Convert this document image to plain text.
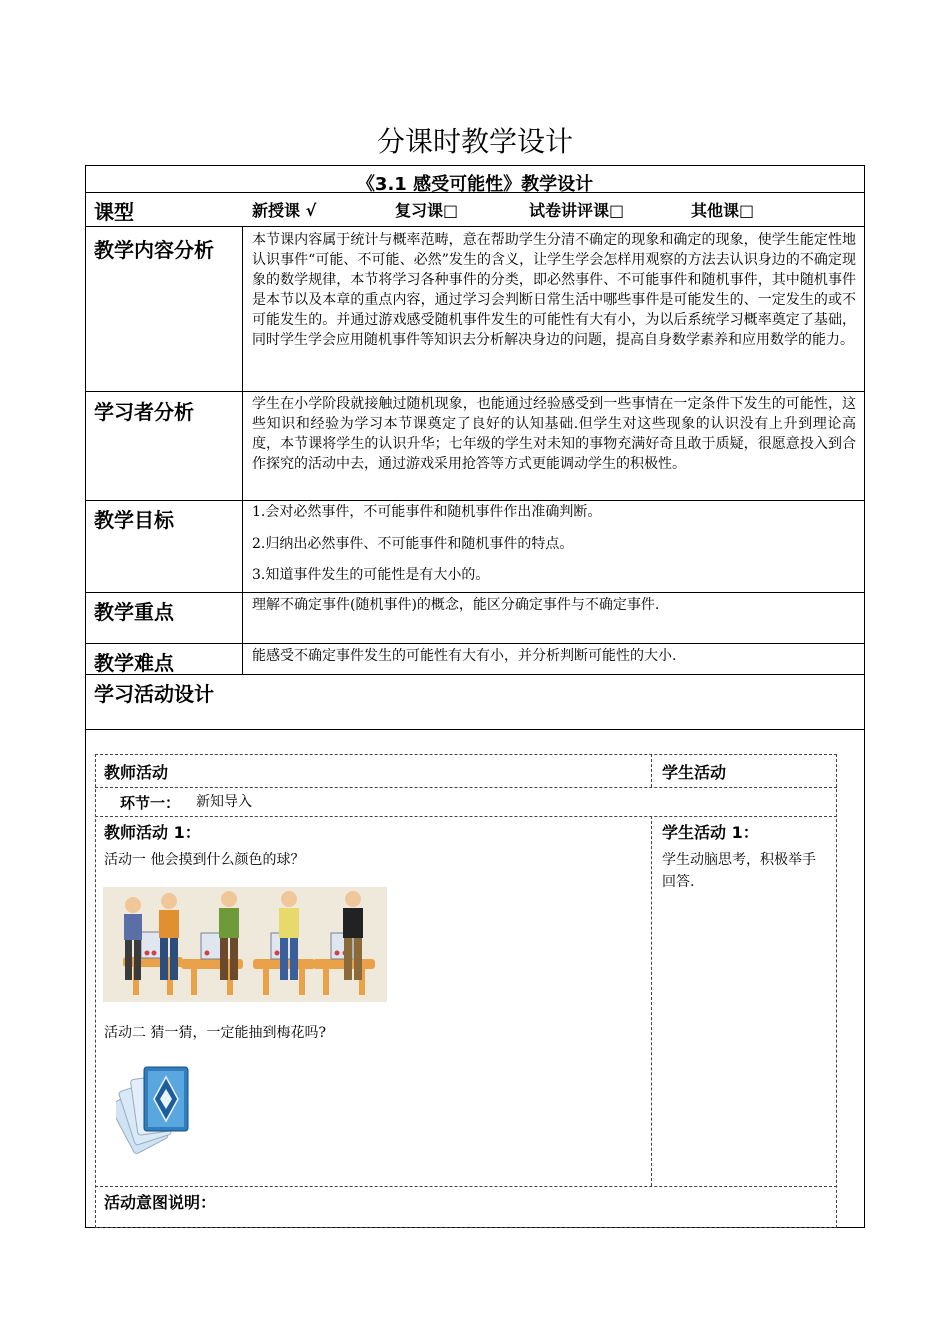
分课时教学设计
《3.1 感受可能性》教学设计
课型	新授课 √	复习课□	试卷讲评课□	其他课□
教学内容分析	本节课内容属于统计与概率范畴，意在帮助学生分清不确定的现象和确定的现象，使学生能定性地认识事件“可能、不可能、必然”发生的含义，让学生学会怎样用观察的方法去认识身边的不确定现象的数学规律，本节将学习各种事件的分类，即必然事件、不可能事件和随机事件，其中随机事件是本节以及本章的重点内容，通过学习会判断日常生活中哪些事件是可能发生的、一定发生的或不可能发生的。并通过游戏感受随机事件发生的可能性有大有小，为以后系统学习概率奠定了基础，同时学生学会应用随机事件等知识去分析解决身边的问题，提高自身数学素养和应用数学的能力。
学习者分析	学生在小学阶段就接触过随机现象，也能通过经验感受到一些事情在一定条件下发生的可能性，这些知识和经验为学习本节课奠定了良好的认知基础.但学生对这些现象的认识没有上升到理论高度，本节课将学生的认识升华；七年级的学生对未知的事物充满好奇且敢于质疑，很愿意投入到合作探究的活动中去，通过游戏采用抢答等方式更能调动学生的积极性。
教学目标	1.会对必然事件，不可能事件和随机事件作出准确判断。
2.归纳出必然事件、不可能事件和随机事件的特点。
3.知道事件发生的可能性是有大小的。
教学重点	理解不确定事件(随机事件)的概念，能区分确定事件与不确定事件.
教学难点	能感受不确定事件发生的可能性有大有小，并分析判断可能性的大小.
学习活动设计
教师活动	学生活动
环节一： 新知导入
教师活动 1：	学生活动 1：
活动一 他会摸到什么颜色的球？	学生动脑思考，积极举手回答.
活动二 猜一猜，一定能抽到梅花吗?
活动意图说明：
